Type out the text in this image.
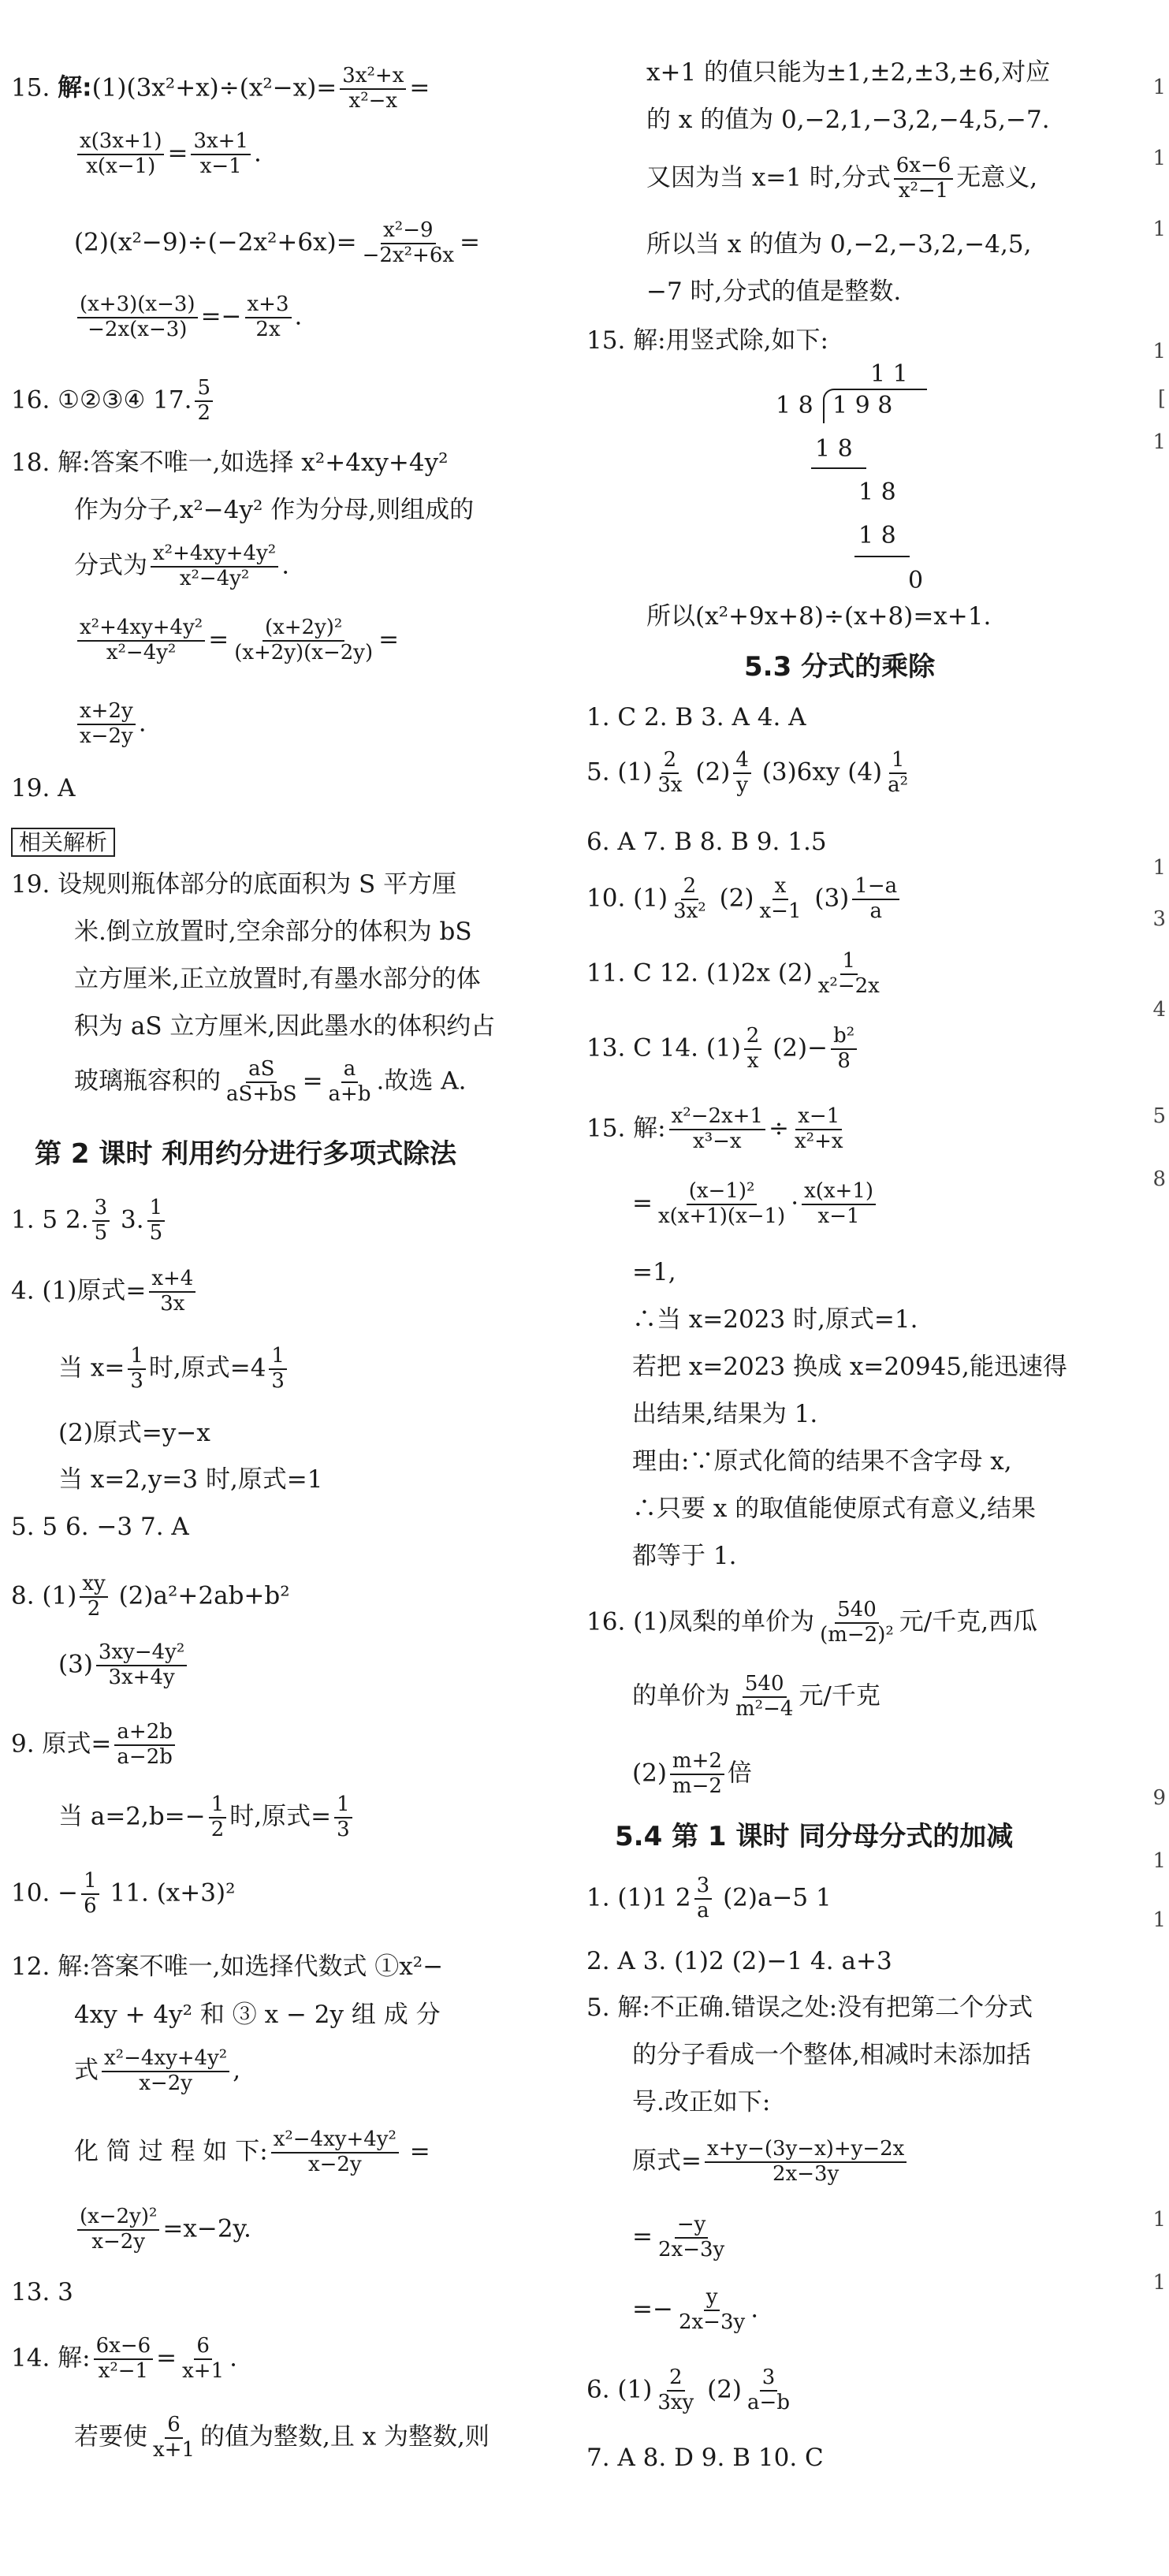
15. 解:(1)(3x²+x)÷(x²−x)= $\frac{\text{3x²+x}}{\text{x²−x}}$ =
$\frac{x(3x+1)}{x(x-1)} = \frac{3x+1}{x-1}$ .
$(2)(x^2-9)\div(-2x^2+6x)= \frac{\text{x²−9}}{\text{−2x²+6x}}$ =
$\frac{(x+3)(x-3)}{-2x(x-3)} =- \frac{x+3}{2x}$ .
16. ①②③④ 17. $\frac{5}{2}$
18. 解:答案不唯一,如选择 x²+4xy+4y²
作为分子,x²−4y² 作为分母,则组成的
分式为 $\frac{\text{x²+4xy+4y²}}{\text{x²−4y²}}$ .
$\frac{\text{x²+4xy+4y²}}{\text{x²−4y²}} = \frac{\text{(x+2y)²}}{(x+2y)(x-2y)}$ =
$\frac{x+2y}{x-2y}$ .
19. A
相关解析
19. 设规则瓶体部分的底面积为 S 平方厘
米.倒立放置时,空余部分的体积为 bS
立方厘米,正立放置时,有墨水部分的体
积为 aS 立方厘米,因此墨水的体积约占
玻璃瓶容积的 $\frac{aS}{aS+bS} = \frac{a}{a+b}$ .故选 A.
第 2 课时 利用约分进行多项式除法
1. 5 2. $\frac{3}{5} 3$. $\frac{1}{5}$
4. (1)原式= $\frac{x+4}{3x}$
当 $x= \frac{1}{3}$ 时,原式$=4 \frac{1}{3}$
(2)原式=y−x
当 x=2,y=3 时,原式=1
5. 5 6. −3 7. A
8. $(1) \frac{xy}{2} (2)a^2+2ab+b^2$
$(3) \frac{\text{3xy−4y²}}{3x+4y}$
9. 原式= $\frac{a+2b}{a-2b}$
当 $a=2,b=- \frac{1}{2}$ 时,原式= $\frac{1}{3}$
10. − $\frac{1}{6} 11$. (x+3)²
12. 解:答案不唯一,如选择代数式 ①x²−
4xy + 4y² 和 ③ x − 2y 组 成 分
式 $\frac{\text{x²−4xy+4y²}}{x-2y}$ ,
化 简 过 程 如 下: $\frac{\text{x²−4xy+4y²}}{x-2y}$ =
$\frac{\text{(x−2y)²}}{x-2y} =x-2y$.
13. 3
14. 解: $\frac{6x-6}{\text{x²−1}} = \frac{6}{x+1}$ .
若要使 $\frac{6}{x+1}$ 的值为整数,且 x 为整数,则
x+1 的值只能为±1,±2,±3,±6,对应
的 x 的值为 0,−2,1,−3,2,−4,5,−7.
又因为当 x=1 时,分式 $\frac{6x-6}{\text{x²−1}}$ 无意义,
所以当 x 的值为 0,−2,−3,2,−4,5,
−7 时,分式的值是整数.
15. 解:用竖式除,如下:
1 1
1 8 1 9 8
1 8
1 8
1 8
0
所以(x²+9x+8)÷(x+8)=x+1.
5.3 分式的乘除
1. C 2. B 3. A 4. A
5. $(1) \frac{2}{3x} (2) \frac{4}{y} (3)6xy$ $(4) \frac{1}{\text{a²}}$
6. A 7. B 8. B 9. 1.5
10. $(1) \frac{2}{\text{3x²}} (2) \frac{x}{x-1} (3) \frac{1-a}{a}$
11. C 12. (1)2x $(2) \frac{1}{\text{x²−2x}}$
13. C 14. $(1) \frac{2}{x} (2)- \frac{\text{b²}}{8}$
15. 解: $\frac{\text{x²−2x+1}}{\text{x³−x}} \div \frac{x-1}{\text{x²+x}}$
= $\frac{\text{(x−1)²}}{x(x+1)(x-1)} \cdot \frac{x(x+1)}{x-1}$
=1,
∴当 x=2023 时,原式=1.
若把 x=2023 换成 x=20945,能迅速得
出结果,结果为 1.
理由:∵原式化简的结果不含字母 x,
∴只要 x 的取值能使原式有意义,结果
都等于 1.
16. (1)凤梨的单价为 $\frac{540}{\text{(m−2)²}}$ 元/千克,西瓜
的单价为 $\frac{540}{\text{m²−4}}$ 元/千克
$(2) \frac{m+2}{m-2}$ 倍
5.4 第 1 课时 同分母分式的加减
1. (1)1 $2 \frac{3}{a} (2)a-5$ 1
2. A 3. (1)2 (2)−1 4. a+3
5. 解:不正确.错误之处:没有把第二个分式
的分子看成一个整体,相减时未添加括
号.改正如下:
原式= $\frac{x+y-(3y-x)+y-2x}{2x-3y}$
= $\frac{-y}{2x-3y}$
=− $\frac{y}{2x-3y}$ .
6. $(1) \frac{2}{3xy} (2) \frac{3}{a-b}$
7. A 8. D 9. B 10. C
1
1
1
1
[
1
1
3
4
5
8
9
1
1
1
1
